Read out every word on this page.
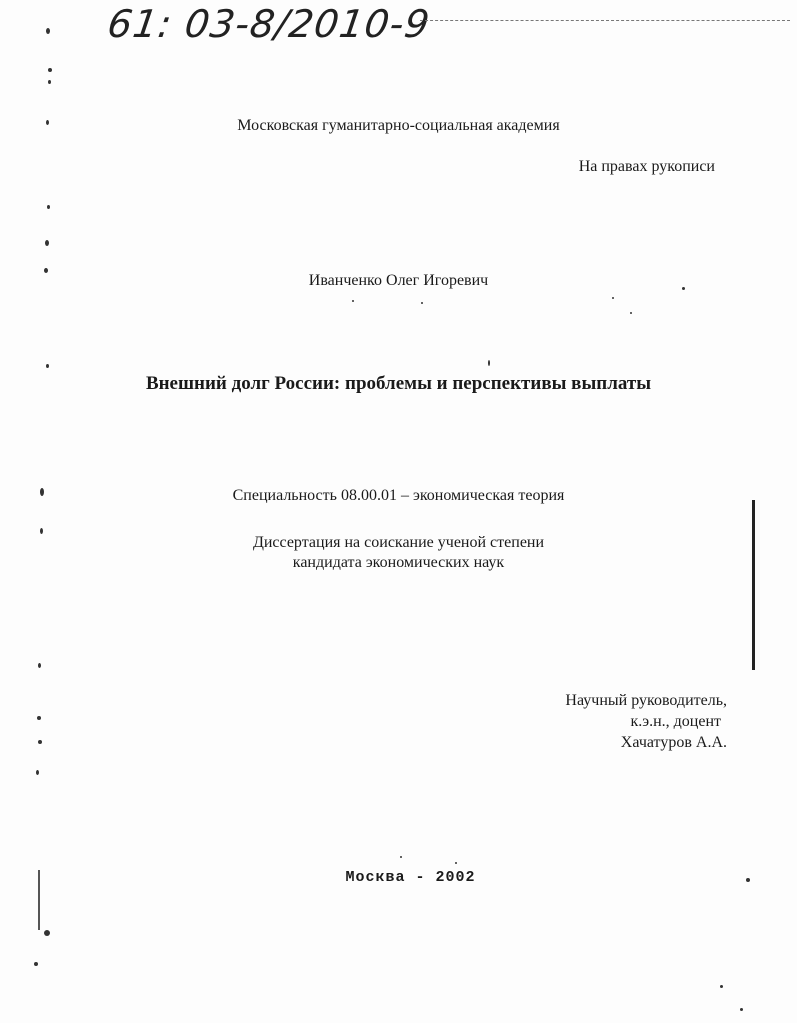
61: 03-8/2010-9
Московская гуманитарно-социальная академия
На правах рукописи
Иванченко Олег Игоревич
Внешний долг России: проблемы и перспективы выплаты
Специальность 08.00.01 – экономическая теория
Диссертация на соискание ученой степени
кандидата экономических наук
Научный руководитель,
к.э.н., доцент
Хачатуров А.А.
Москва - 2002
